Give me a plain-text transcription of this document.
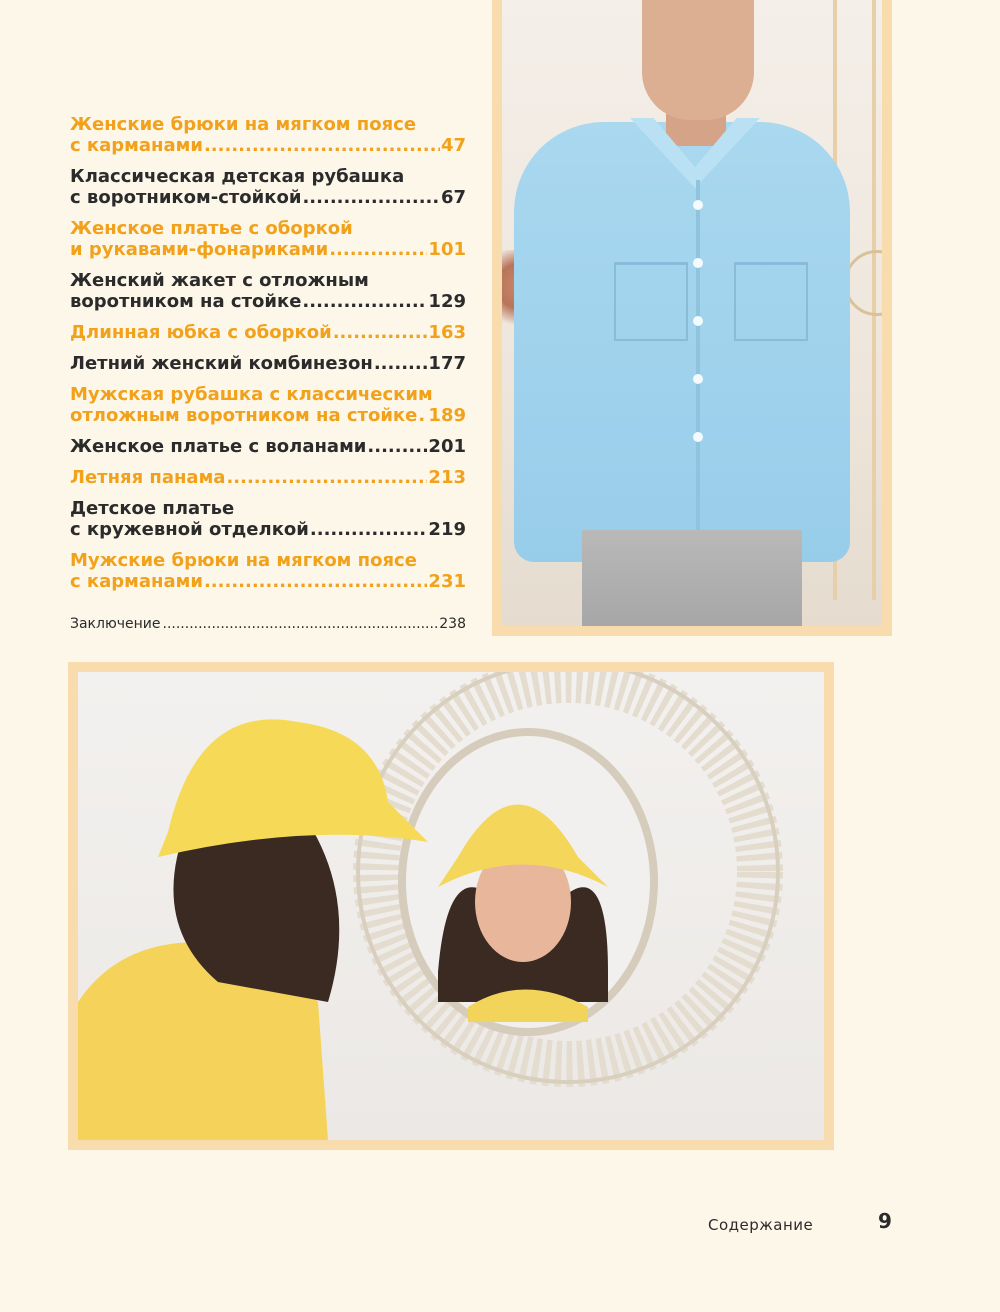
Женские брюки на мягком поясе
с карманами .....	47
Классическая детская рубашка
с воротником-стойкой .....	67
Женское платье с оборкой
и рукавами-фонариками .....	101
Женский жакет с отложным
воротником на стойке .....	129
Длинная юбка с оборкой .....	163
Летний женский комбинезон .....	177
Мужская рубашка с классическим
отложным воротником на стойке ..... 189
Женское платье с воланами .....	201
Летняя панама .....	213
Детское платье
с кружевной отделкой .....	219
Мужские брюки на мягком поясе
с карманами .....	231
Заключение .....	238
Содержание	9
